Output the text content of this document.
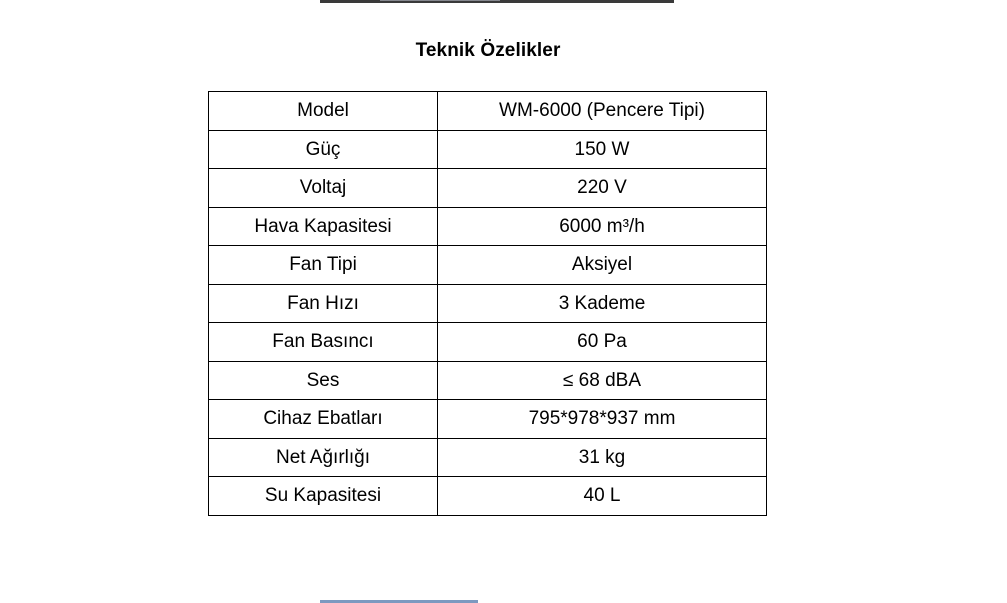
Teknik Özelikler
Model	WM-6000 (Pencere Tipi)
Güç	150 W
Voltaj	220 V
Hava Kapasitesi	6000 m³/h
Fan Tipi	Aksiyel
Fan Hızı	3 Kademe
Fan Basıncı	60 Pa
Ses	≤ 68 dBA
Cihaz Ebatları	795*978*937 mm
Net Ağırlığı	31 kg
Su Kapasitesi	40 L
